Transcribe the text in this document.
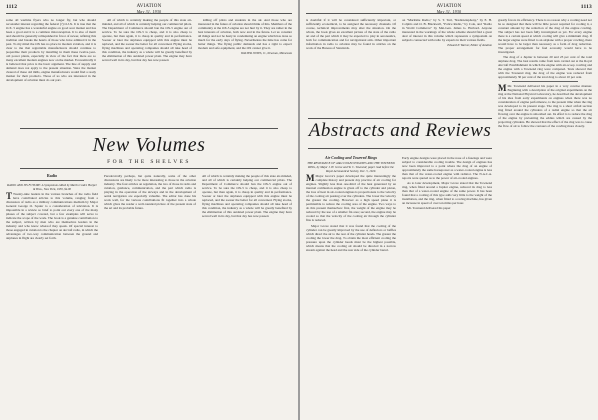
1112	AVIATION
May 31, 1930

some all wartime flyers who no longer fly, but who should reconsider interest regarding the federal (?) O.J.X. It is true that the O.X. 5 engine has a wonderful engine on good sour market and has been a good and it is a common misconception. It is also of merit and should be generally relinquished in favor of newer, refining this tradition and breaks the hearts of those who have admired it in the past. To my mind the OX has no place in modern aviation, and it is clear to me that regrettable manufacturers should continue to jeopardize their products by installing in them these twelve-year-old power plants, especially in view of the fact that there are so many excellent modern engines now on the market. Economically it is believed that price is the basic argument. The line of supply and demand does not apply to the present situation. Were the market cleared of these old mills, engine manufacturers would find a ready market for their products. Those of us who are interested in the development of aviation must do our part.

All of which is certainly making the people of this state air-minded, and all of which is certainly helping our commercial pilots. The Department of Commerce should ban the OX-5 engine out of service. To be sure the OX-5 is cheap, and it is also cheap to operate, but then again, it is cheap in quality and in performance. Sooner or later the airplanes equipped with this engine must be replaced, and the sooner the better for all concerned. Flying stocks, flying machines and operating companies should all take heed of this condition, the industry as a whole will be greatly benefited by the elimination of this outdated power plant. The engine may have served well in its day, but that day has now passed.

killing off pilots and students in the air. And those who are interested in the future of aviation should think of this. Members of the community at the OX-5 engine are not hurt by it. They are rather in the best interests of aviation, both now and in the future. Let us consider all things and not be hasty in condemning an engine which has done so much for the early days of flying. Nevertheless the time has come for better things. The flying public demands and has a right to expect modern and safe equipment, and the OX cannot give it.

WALTER JONES, Jr., Newman, Minnesota

New Volumes
FOR THE SHELVES

Radio

RADIO AND ITS FUTURE: A Symposium edited by Martin Codel. Harper & Bros., New York, 1930, $4.00

T Twenty-nine leaders in the various branches of the radio field have contributed articles to this volume, ranging from a discussion of radio as a military communications medium by Major General George O. Squier to a consideration of television. It is impossible in a review so brief to point out every one of the many phases of the subject covered, but a few examples will serve to indicate the scope of the work. The book is a genuine contribution to the subject, written by men who are themselves leaders in the industry and who know whereof they speak. Of special interest to those engaged in aviation is the chapter on aircraft radio, in which the advantages of two-way communication between the ground and airplanes in flight are clearly set forth.

Paradoxically perhaps, but quite naturally, some of the other discussions are likely to be more interesting to those in the aviation industry. The four articles on regulation, the two of those in radio and aviation, guidance, communication, and the part which radio is playing in the operation of the airways and in the development of aerial navigation are especially valuable. The editor has done his work well, for the various contributions fit together into a whole which gives the reader a well-rounded picture of the present state of the art and its probable future.

All of which is certainly making the people of this state air-minded, and all of which is certainly helping our commercial pilots. The Department of Commerce should ban the OX-5 engine out of service. To be sure the OX-5 is cheap, and it is also cheap to operate, but then again, it is cheap in quality and in performance. Sooner or later the airplanes equipped with this engine must be replaced, and the sooner the better for all concerned. Flying stocks, flying machines and operating companies should all take heed of this condition, the industry as a whole will be greatly benefited by the elimination of this outdated power plant. The engine may have served well in its day, but that day has now passed.

AVIATION
May 31, 1930
1113

is doubtful if it will be considered sufficiently important, or sufficiently economical, to be assigned the necessary channels. Of course, technical improvements may alter the situation. On the whole, the book gives an excellent picture of the state of the radio art and of the part which it may be expected to play in aeronautics, both for communication and for navigational aids. Other important information in radio to aviation may be found in articles on the work of the Bureau of Standards.

on "Maritime Radio," by S. T. Turl, "Radiotelephony," by E. H. Colpitts and O. B. Blackwell, "Police Radio," by Cole, and "Radio in World Commerce" by Mai-Gen. James G. Harbord. Anyone interested in the workings of the whole scheme should find a great deal of interest in this volume which represents a symposium on subjects connected with radio by experts in their various fields.

Edward P. Warner, Editor of Aviation

Abstracts and Reviews

greatly favors its efficiency. There is no reason why a cooling need not be so designed that there will be little power required for cooling it, a constant amount by the reduction of the drag of the engine cowling. The subject has not been fully investigated as yet. For every engine there is a certain speed at which cooling will give a minimum drag. If the larger engine were fitted to an airplane with a proper cowling, there would have to be larger than necessary as a form of drag reduction. The proper arrangement for fuel economy would have to be investigated.

The drag of a Jupiter is between 20 and 23 per cent of the total airplane drag. The best results came from tests carried out at the Royal Aircraft Establishment in which the engine with air-scoop cowling and the engine with a Townend ring were compared. Tests showed that with the Townend ring, the drag of the engine was reduced from approximately 30 per cent of the total drag to about 10 per cent.

M Mr. Townend delivered his paper in a very concise manner. Beginning with a description of the original experiments on the ring at the National Physical Laboratory, he described the development of his idea from early experiments on engines when there was no consideration of engine performance, to the present time when the ring was developed to its present stage. The ring is a short airfoil section ring fitted around the cylinders of a radial engine so that the air flowing over the engine is smoothed out. Its effect is to reduce the drag of the engine by preventing the eddies which are caused by the projecting cylinders. He showed that the effect of the ring was to cause the flow of air to follow the contours of the cowling more closely.

Air Cooling and Towered Rings

THE RESISTANCE OF AIR-COOLED ENGINES AND THE TOWNEND RING, by Major J. H. Grove and W. C. Townend; paper read before the Royal Aeronautical Society, Dec. 5, 1929.

M Major Grove's paper developed the quite interestingly the complete history and present day practice of air cooling for engines. Slightly less than one-third of the heat generated by an internal combustion engine is given off to the cylinder and piston, the loss of heat in air-cooled engines is proportionate to the velocity of the cooling air passing over the cylinders. The lower the velocity the greater the cooling. However as a high speed plane it is permissible to reduce the cooling area of the engine. Two ways to do this present themselves: first, the weight of the engine may be reduced by the use of a smaller fin area; second, the engine may be cooled so that the velocity of the cooling air through the cylinder fins is reduced.

Major Grove stated that it was found that the cooling of the cylinder can be greatly improved by the use of deflectors or baffles which direct the air to the rear of the cylinder heads. The greater the cooling the lower the drag. To obtain the most efficient cooling the pressure upon the cylinder heads must be the highest possible, which means that the cooling air should be directed in a narrow stream against the head and the rear side of the cylinder barrel.

Early engine designs were placed in the nose of a fuselage and were subject to considerable cooling trouble. The design of engines has now been improved to a point where the drag of an engine of approximately the same horsepower as a water-cooled engine is less than that of the water-cooled engine with radiator. The N.A.C.A. reports were quoted as to the power of air-cooled engines.

As to later development, Major Grove stated that the Townend ring, when fitted around a Jupiter engine, reduced its drag to less than that of a water-cooled engine of the same power. It has been found that a cooling of this type adds very little to the weight of the installation, and the ring, when fitted to a racing machine, has given an increase in speed of over ten miles per hour.

Mr. Townend delivered his paper
